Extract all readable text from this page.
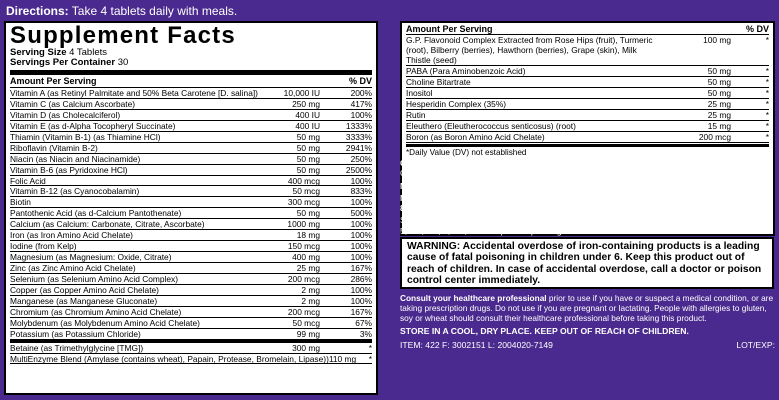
Directions: Take 4 tablets daily with meals.
Supplement Facts
Serving Size 4 Tablets
Servings Per Container 30
Amount Per Serving	% DV
Vitamin A (as Retinyl Palmitate and 50% Beta Carotene [D. salina])	10,000 IU	200%
Vitamin C (as Calcium Ascorbate)	250 mg	417%
Vitamin D (as Cholecalciferol)	400 IU	100%
Vitamin E (as d-Alpha Tocopheryl Succinate)	400 IU	1333%
Thiamin (Vitamin B-1) (as Thiamine HCl)	50 mg	3333%
Riboflavin (Vitamin B-2)	50 mg	2941%
Niacin (as Niacin and Niacinamide)	50 mg	250%
Vitamin B-6 (as Pyridoxine HCl)	50 mg	2500%
Folic Acid	400 mcg	100%
Vitamin B-12 (as Cyanocobalamin)	50 mcg	833%
Biotin	300 mcg	100%
Pantothenic Acid (as d-Calcium Pantothenate)	50 mg	500%
Calcium (as Calcium: Carbonate, Citrate, Ascorbate)	1000 mg	100%
Iron (as Iron Amino Acid Chelate)	18 mg	100%
Iodine (from Kelp)	150 mcg	100%
Magnesium (as Magnesium: Oxide, Citrate)	400 mg	100%
Zinc (as Zinc Amino Acid Chelate)	25 mg	167%
Selenium (as Selenium Amino Acid Complex)	200 mcg	286%
Copper (as Copper Amino Acid Chelate)	2 mg	100%
Manganese (as Manganese Gluconate)	2 mg	100%
Chromium (as Chromium Amino Acid Chelate)	200 mcg	167%
Molybdenum (as Molybdenum Amino Acid Chelate)	50 mcg	67%
Potassium (as Potassium Chloride)	99 mg	3%
Betaine (as Trimethylglycine [TMG])	300 mg	*
MultiEnzyme Blend (Amylase (contains wheat), Papain, Protease, Bromelain, Lipase)) 110 mg	*
Amount Per Serving	% DV
G.P. Flavonoid Complex Extracted from Rose Hips (fruit), Turmeric (root), Bilberry (berries), Hawthorn (berries), Grape (skin), Milk Thistle (seed)
100 mg	*
PABA (Para Aminobenzoic Acid)	50 mg	*
Choline Bitartrate	50 mg	*
Inositol	50 mg	*
Hesperidin Complex (35%)	25 mg	*
Rutin	25 mg	*
Eleuthero (Eleutherococcus senticosus) (root)	15 mg	*
Boron (as Boron Amino Acid Chelate)	200 mcg	*
*Daily Value (DV) not established

Other Ingredients: Cellulose, Cellulose Gum, Stearic Acid, Silica, Magnesium Stearate, Dibasic Calcium Phosphate, Maltodextrin, Methylcellulose, Glycerin, Soybean Oil, Cornstarch.

NO Yeast, Milk, Egg, Artificial Colors or Flavors, Added Sugar or Preservatives

Manufactured by NATROL, Inc., Chatsworth, CA 91311 • USA • 1 800 2-NATROL (800 262-8765)

Supplied by Albion Advanced Nutrition. Chelazome® and Chelative® are covered by U.S. Patents: 5,516,925, 5,614,553 and patents pending.

WARNING: Accidental overdose of iron-containing products is a leading cause of fatal poisoning in children under 6. Keep this product out of reach of children. In case of accidental overdose, call a doctor or poison control center immediately.
Consult your healthcare professional prior to use if you have or suspect a medical condition, or are taking prescription drugs. Do not use if you are pregnant or lactating. People with allergies to gluten, soy or wheat should consult their healthcare professional before taking this product.
STORE IN A COOL, DRY PLACE. KEEP OUT OF REACH OF CHILDREN.
ITEM: 422 F: 3002151 L: 2004020-7149	LOT/EXP:
